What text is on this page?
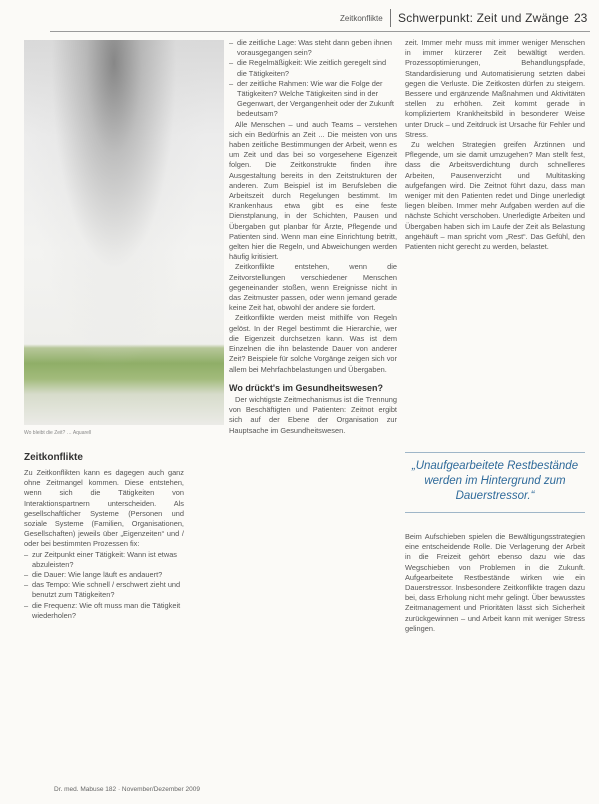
Zeitkonflikte Schwerpunkt: Zeit und Zwänge 23
Wo bleibt die Zeit? … Aquarell
Zeitkonflikte

Zu Zeitkonflikten kann es dagegen auch ganz ohne Zeitmangel kommen. Diese entstehen, wenn sich die Tätigkeiten von Interaktionspartnern unterscheiden. Als gesellschaftlicher Systeme (Personen und soziale Systeme (Familien, Organisationen, Gesellschaften) jeweils über „Eigenzeiten“ und / oder bei bestimmten Prozessen fix:

– zur Zeitpunkt einer Tätigkeit: Wann ist etwas abzuleisten?
– die Dauer: Wie lange läuft es andauert?
– das Tempo: Wie schnell / erschwert zieht und benutzt zum Tätigkeiten?
– die Frequenz: Wie oft muss man die Tätigkeit wiederholen?
– die zeitliche Lage: Was steht dann geben ihnen vorausgegangen sein?
– die Regelmäßigkeit: Wie zeitlich geregelt sind die Tätigkeiten?
– der zeitliche Rahmen: Wie war die Folge der Tätigkeiten? Welche Tätigkeiten sind in der Gegenwart, der Vergangenheit oder der Zukunft bedeutsam?

Alle Menschen – und auch Teams – verstehen sich ein Bedürfnis an Zeit ... Die meisten von uns haben zeitliche Bestimmungen der Arbeit, wenn es um Zeit und das bei so vorgesehene Eigenzeit folgen. Die Zeitkonstrukte finden ihre Ausgestaltung bereits in den Zeitstrukturen der anderen. Zum Beispiel ist im Berufsleben die Arbeitszeit durch Regelungen bestimmt. Im Krankenhaus etwa gibt es eine feste Dienstplanung, in der Schichten, Pausen und Übergaben gut planbar für Ärzte, Pflegende und Patienten sind. Wenn man eine Einrichtung betritt, gelten hier die Regeln, und Abweichungen werden häufig kritisiert.

Zeitkonflikte entstehen, wenn die Zeitvorstellungen verschiedener Menschen gegeneinander stoßen, wenn Ereignisse nicht in das Zeitmuster passen, oder wenn jemand gerade keine Zeit hat, obwohl der andere sie fordert.

Zeitkonflikte werden meist mithilfe von Regeln gelöst. In der Regel bestimmt die Hierarchie, wer die Eigenzeit durchsetzen kann. Was ist dem Einzelnen die ihn belastende Dauer von anderer Zeit? Beispiele für solche Vorgänge zeigen sich vor allem bei Mehrfachbelastungen und Übergaben.

Wo drückt's im Gesundheitswesen?

Der wichtigste Zeitmechanismus ist die Trennung von Beschäftigten und Patienten: Zeitnot ergibt sich auf der Ebene der Organisation zur Hauptsache im Gesundheitswesen.

zeit. Immer mehr muss mit immer weniger Menschen in immer kürzerer Zeit bewältigt werden. Prozessoptimierungen, Behandlungspfade, Standardisierung und Automatisierung setzten dabei gegen die Verluste. Die Zeitkosten dürfen zu steigern. Bessere und ergänzende Maßnahmen und Aktivitäten stellen zu erhöhen. Zeit kommt gerade in kompliziertem Krankheitsbild in besonderer Weise unter Druck – und Zeitdruck ist Ursache für Fehler und Stress.

Zu welchen Strategien greifen Ärztinnen und Pflegende, um sie damit umzugehen? Man stellt fest, dass die Arbeitsverdichtung durch schnelleres Arbeiten, Pausenverzicht und Multitasking aufgefangen wird. Die Zeitnot führt dazu, dass man weniger mit den Patienten redet und Dinge unerledigt liegen bleiben. Immer mehr Aufgaben werden auf die nächste Schicht verschoben. Unerledigte Arbeiten und Übergaben haben sich im Laufe der Zeit als Belastung angehäuft – man spricht vom „Rest“. Das Gefühl, den Patienten nicht gerecht zu werden, belastet.

„Unaufgearbeitete Restbestände werden im Hintergrund zum Dauerstressor.“

Beim Aufschieben spielen die Bewältigungsstrategien eine entscheidende Rolle. Die Verlagerung der Arbeit in die Freizeit gehört ebenso dazu wie das Wegschieben von Problemen in die Zukunft. Aufgearbeitete Restbestände wirken wie ein Dauerstressor. Insbesondere Zeitkonflikte tragen dazu bei, dass Erholung nicht mehr gelingt. Über bewusstes Zeitmanagement und Prioritäten lässt sich Sicherheit zurückgewinnen – und Arbeit kann mit weniger Stress gelingen.

Dr. med. Mabuse 182 · November/Dezember 2009
